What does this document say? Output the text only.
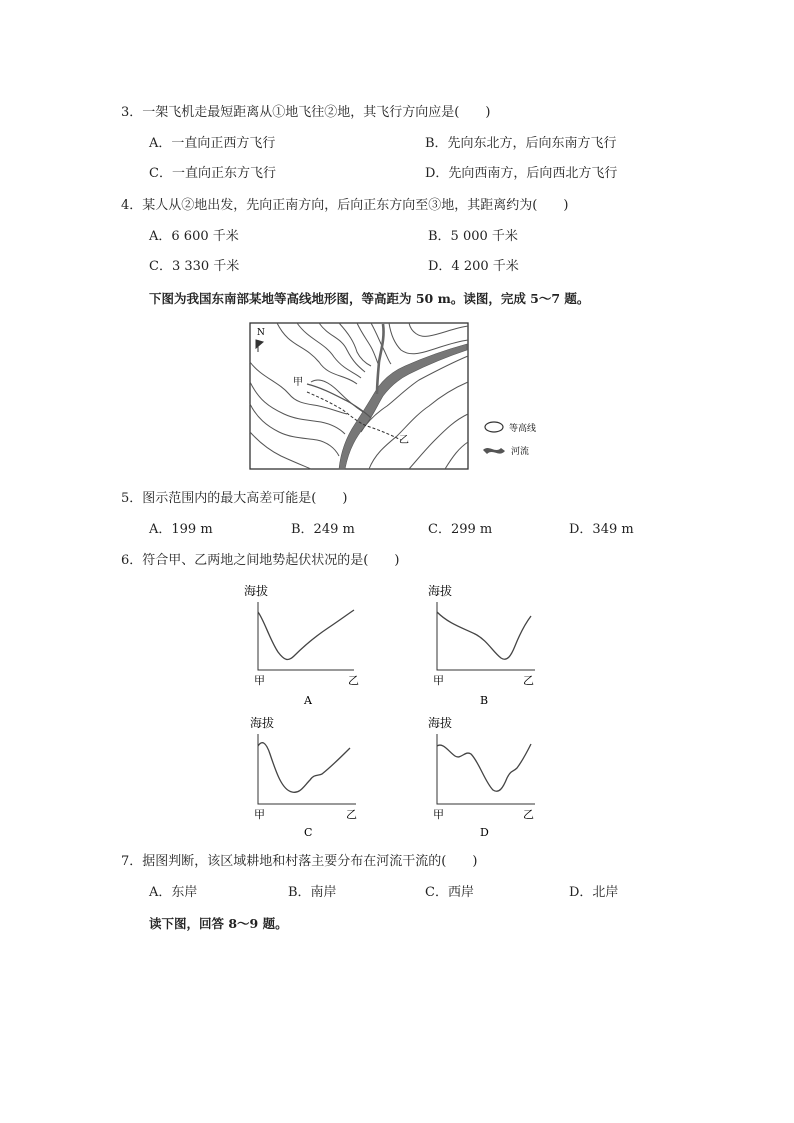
3．一架飞机走最短距离从①地飞往②地，其飞行方向应是(　　)
A．一直向正西方飞行	B．先向东北方，后向东南方飞行
C．一直向正东方飞行	D．先向西南方，后向西北方飞行
4．某人从②地出发，先向正南方向，后向正东方向至③地，其距离约为(　　)
A．6 600 千米	B．5 000 千米
C．3 330 千米	D．4 200 千米
下图为我国东南部某地等高线地形图，等高距为 50 m。读图，完成 5～7 题。
N
甲
乙
等高线
河流
5．图示范围内的最大高差可能是(　　)
A．199 m	B．249 m	C．299 m	D．349 m
6．符合甲、乙两地之间地势起伏状况的是(　　)
海拔
甲	乙
A
海拔
甲	乙
B
海拔
甲	乙
C
海拔
甲	乙
D
7．据图判断，该区域耕地和村落主要分布在河流干流的(　　)
A．东岸	B．南岸	C．西岸	D．北岸
读下图，回答 8～9 题。
